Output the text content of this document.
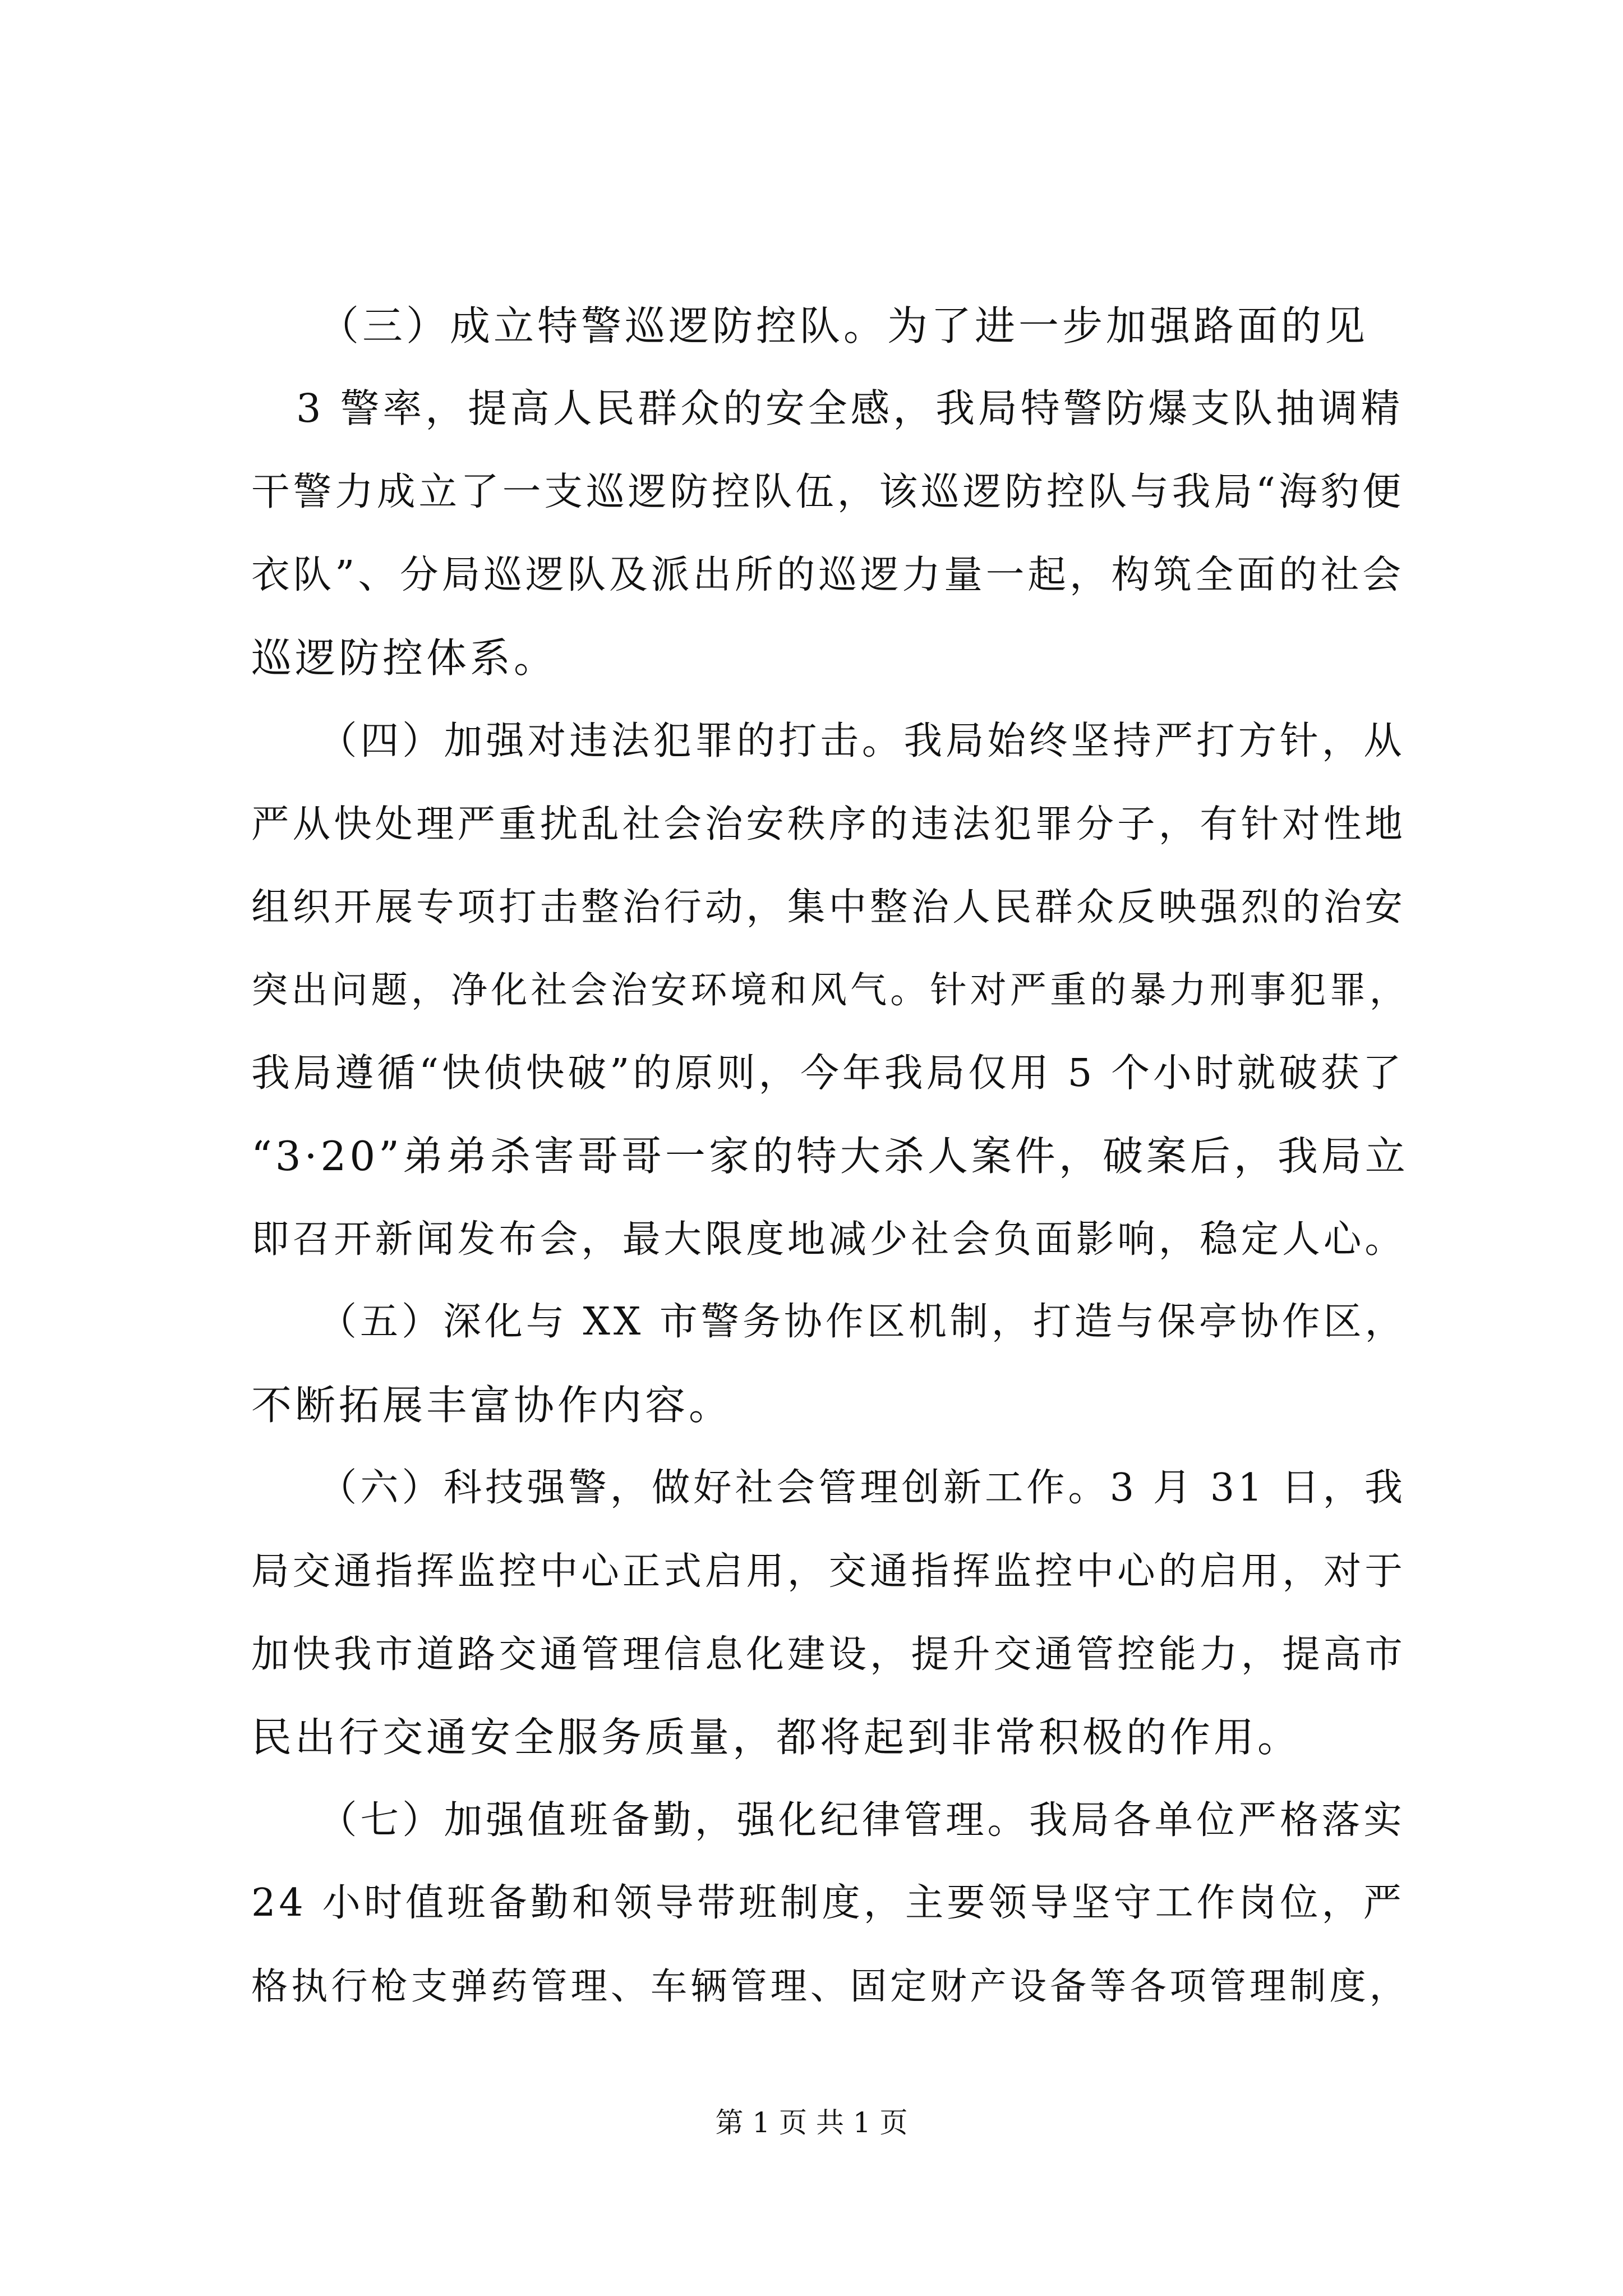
（三）成立特警巡逻防控队。为了进一步加强路面的见
3 警率，提高人民群众的安全感，我局特警防爆支队抽调精
干警力成立了一支巡逻防控队伍，该巡逻防控队与我局“海豹便
衣队”、分局巡逻队及派出所的巡逻力量一起，构筑全面的社会
巡逻防控体系。
（四）加强对违法犯罪的打击。我局始终坚持严打方针，从
严从快处理严重扰乱社会治安秩序的违法犯罪分子，有针对性地
组织开展专项打击整治行动，集中整治人民群众反映强烈的治安
突出问题，净化社会治安环境和风气。针对严重的暴力刑事犯罪，
我局遵循“快侦快破”的原则，今年我局仅用 5 个小时就破获了
“3·20”弟弟杀害哥哥一家的特大杀人案件，破案后，我局立
即召开新闻发布会，最大限度地减少社会负面影响，稳定人心。
（五）深化与 XX 市警务协作区机制，打造与保亭协作区，
不断拓展丰富协作内容。
（六）科技强警，做好社会管理创新工作。3 月 31 日，我
局交通指挥监控中心正式启用，交通指挥监控中心的启用，对于
加快我市道路交通管理信息化建设，提升交通管控能力，提高市
民出行交通安全服务质量，都将起到非常积极的作用。
（七）加强值班备勤，强化纪律管理。我局各单位严格落实
24 小时值班备勤和领导带班制度，主要领导坚守工作岗位，严
格执行枪支弹药管理、车辆管理、固定财产设备等各项管理制度，
第 1 页 共 1 页
